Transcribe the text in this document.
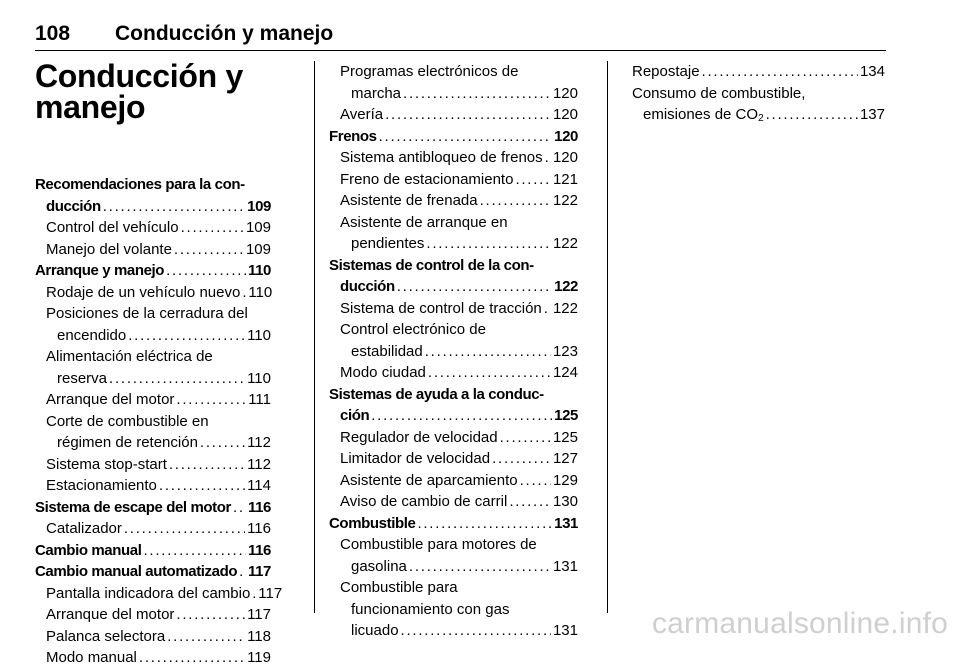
108 Conducción y manejo
Conducción y manejo
Recomendaciones para la con-
ducción . . .	109
Control del vehículo . . .	109
Manejo del volante . . .	109
Arranque y manejo . . .	110
Rodaje de un vehículo nuevo . . . 110
Posiciones de la cerradura del
encendido . . .	110
Alimentación eléctrica de
reserva . . .	110
Arranque del motor . . .	111
Corte de combustible en
régimen de retención . . .	112
Sistema stop-start . . .	112
Estacionamiento . . .	114
Sistema de escape del motor . . . 116
Catalizador . . .	116
Cambio manual . . .	116
Cambio manual automatizado . . . 117
Pantalla indicadora del cambio . . . 117
Arranque del motor . . .	117
Palanca selectora . . .	118
Modo manual . . .	119
Programas electrónicos de
marcha . . .	120
Avería . . .	120
Frenos . . .	120
Sistema antibloqueo de frenos . . . 120
Freno de estacionamiento . . .	121
Asistente de frenada . . .	122
Asistente de arranque en
pendientes . . .	122
Sistemas de control de la con-
ducción . . .	122
Sistema de control de tracción . . . 122
Control electrónico de
estabilidad . . .	123
Modo ciudad . . .	124
Sistemas de ayuda a la conduc-
ción . . .	125
Regulador de velocidad . . .	125
Limitador de velocidad . . .	127
Asistente de aparcamiento . . . 129
Aviso de cambio de carril . . .	130
Combustible . . .	131
Combustible para motores de
gasolina . . .	131
Combustible para
funcionamiento con gas
licuado . . .	131
Repostaje . . .	134
Consumo de combustible,
emisiones de $CO_2$ . . .	137
carmanualsonline.info
